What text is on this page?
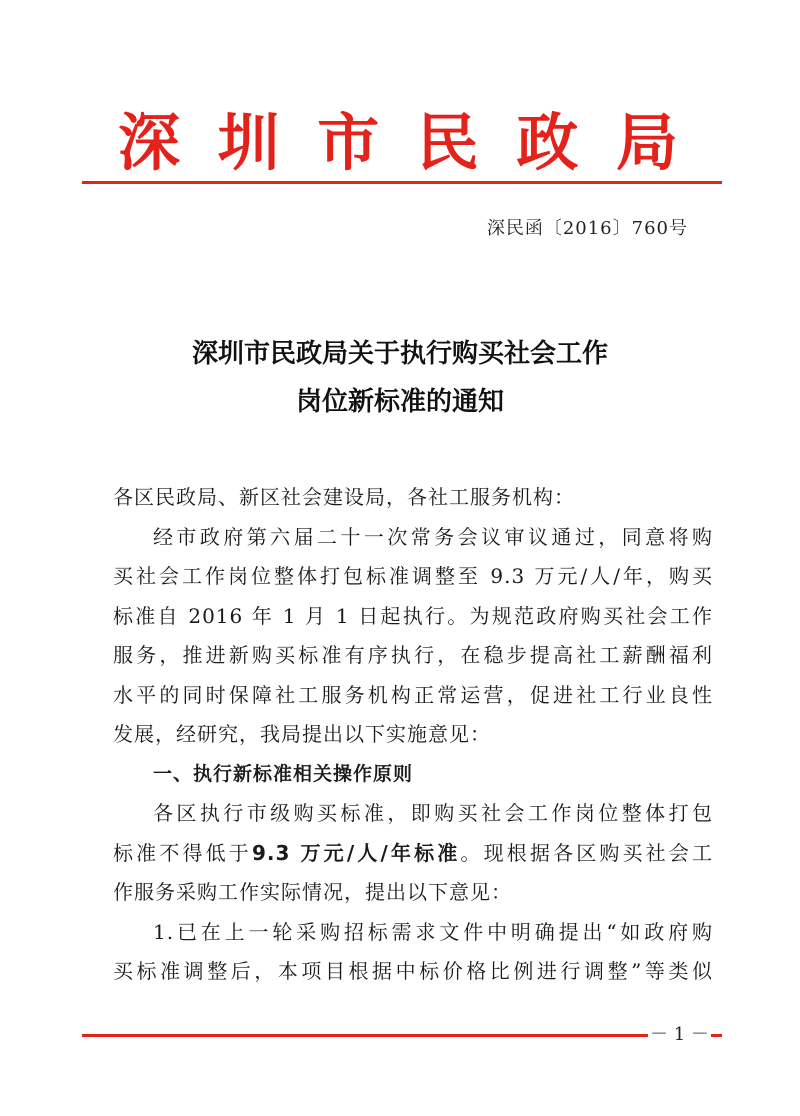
深 圳 市 民 政 局
深民函〔2016〕760号
深圳市民政局关于执行购买社会工作
岗位新标准的通知

各区民政局、新区社会建设局，各社工服务机构：

经市政府第六届二十一次常务会议审议通过，同意将购

买社会工作岗位整体打包标准调整至 9.3 万元/人/年，购买

标准自 2016 年 1 月 1 日起执行。为规范政府购买社会工作

服务，推进新购买标准有序执行，在稳步提高社工薪酬福利

水平的同时保障社工服务机构正常运营，促进社工行业良性

发展，经研究，我局提出以下实施意见：

一、执行新标准相关操作原则

各区执行市级购买标准，即购买社会工作岗位整体打包

标准不得低于9.3 万元/人/年标准。现根据各区购买社会工

作服务采购工作实际情况，提出以下意见：

1.已在上一轮采购招标需求文件中明确提出“如政府购

买标准调整后，本项目根据中标价格比例进行调整”等类似

－ 1 －
